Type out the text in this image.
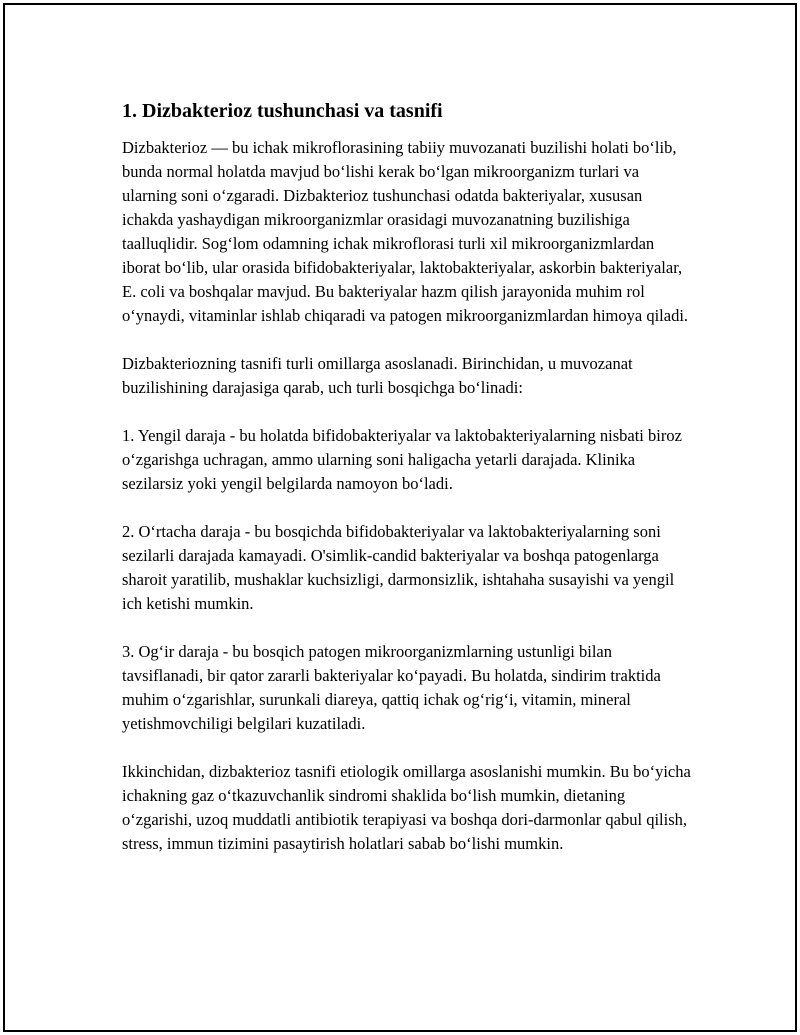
1. Dizbakterioz tushunchasi va tasnifi

Dizbakterioz — bu ichak mikroflorasining tabiiy muvozanati buzilishi holati bo‘lib, bunda normal holatda mavjud bo‘lishi kerak bo‘lgan mikroorganizm turlari va ularning soni o‘zgaradi. Dizbakterioz tushunchasi odatda bakteriyalar, xususan ichakda yashaydigan mikroorganizmlar orasidagi muvozanatning buzilishiga taalluqlidir. Sog‘lom odamning ichak mikroflorasi turli xil mikroorganizmlardan iborat bo‘lib, ular orasida bifidobakteriyalar, laktobakteriyalar, askorbin bakteriyalar, E. coli va boshqalar mavjud. Bu bakteriyalar hazm qilish jarayonida muhim rol o‘ynaydi, vitaminlar ishlab chiqaradi va patogen mikroorganizmlardan himoya qiladi.

Dizbakteriozning tasnifi turli omillarga asoslanadi. Birinchidan, u muvozanat buzilishining darajasiga qarab, uch turli bosqichga bo‘linadi:

1. Yengil daraja - bu holatda bifidobakteriyalar va laktobakteriyalarning nisbati biroz o‘zgarishga uchragan, ammo ularning soni haligacha yetarli darajada. Klinika sezilarsiz yoki yengil belgilarda namoyon bo‘ladi.

2. O‘rtacha daraja - bu bosqichda bifidobakteriyalar va laktobakteriyalarning soni sezilarli darajada kamayadi. O'simlik-candid bakteriyalar va boshqa patogenlarga sharoit yaratilib, mushaklar kuchsizligi, darmonsizlik, ishtahaha susayishi va yengil ich ketishi mumkin.

3. Og‘ir daraja - bu bosqich patogen mikroorganizmlarning ustunligi bilan tavsiflanadi, bir qator zararli bakteriyalar ko‘payadi. Bu holatda, sindirim traktida muhim o‘zgarishlar, surunkali diareya, qattiq ichak og‘rig‘i, vitamin, mineral yetishmovchiligi belgilari kuzatiladi.

Ikkinchidan, dizbakterioz tasnifi etiologik omillarga asoslanishi mumkin. Bu bo‘yicha ichakning gaz o‘tkazuvchanlik sindromi shaklida bo‘lish mumkin, dietaning o‘zgarishi, uzoq muddatli antibiotik terapiyasi va boshqa dori-darmonlar qabul qilish, stress, immun tizimini pasaytirish holatlari sabab bo‘lishi mumkin.
